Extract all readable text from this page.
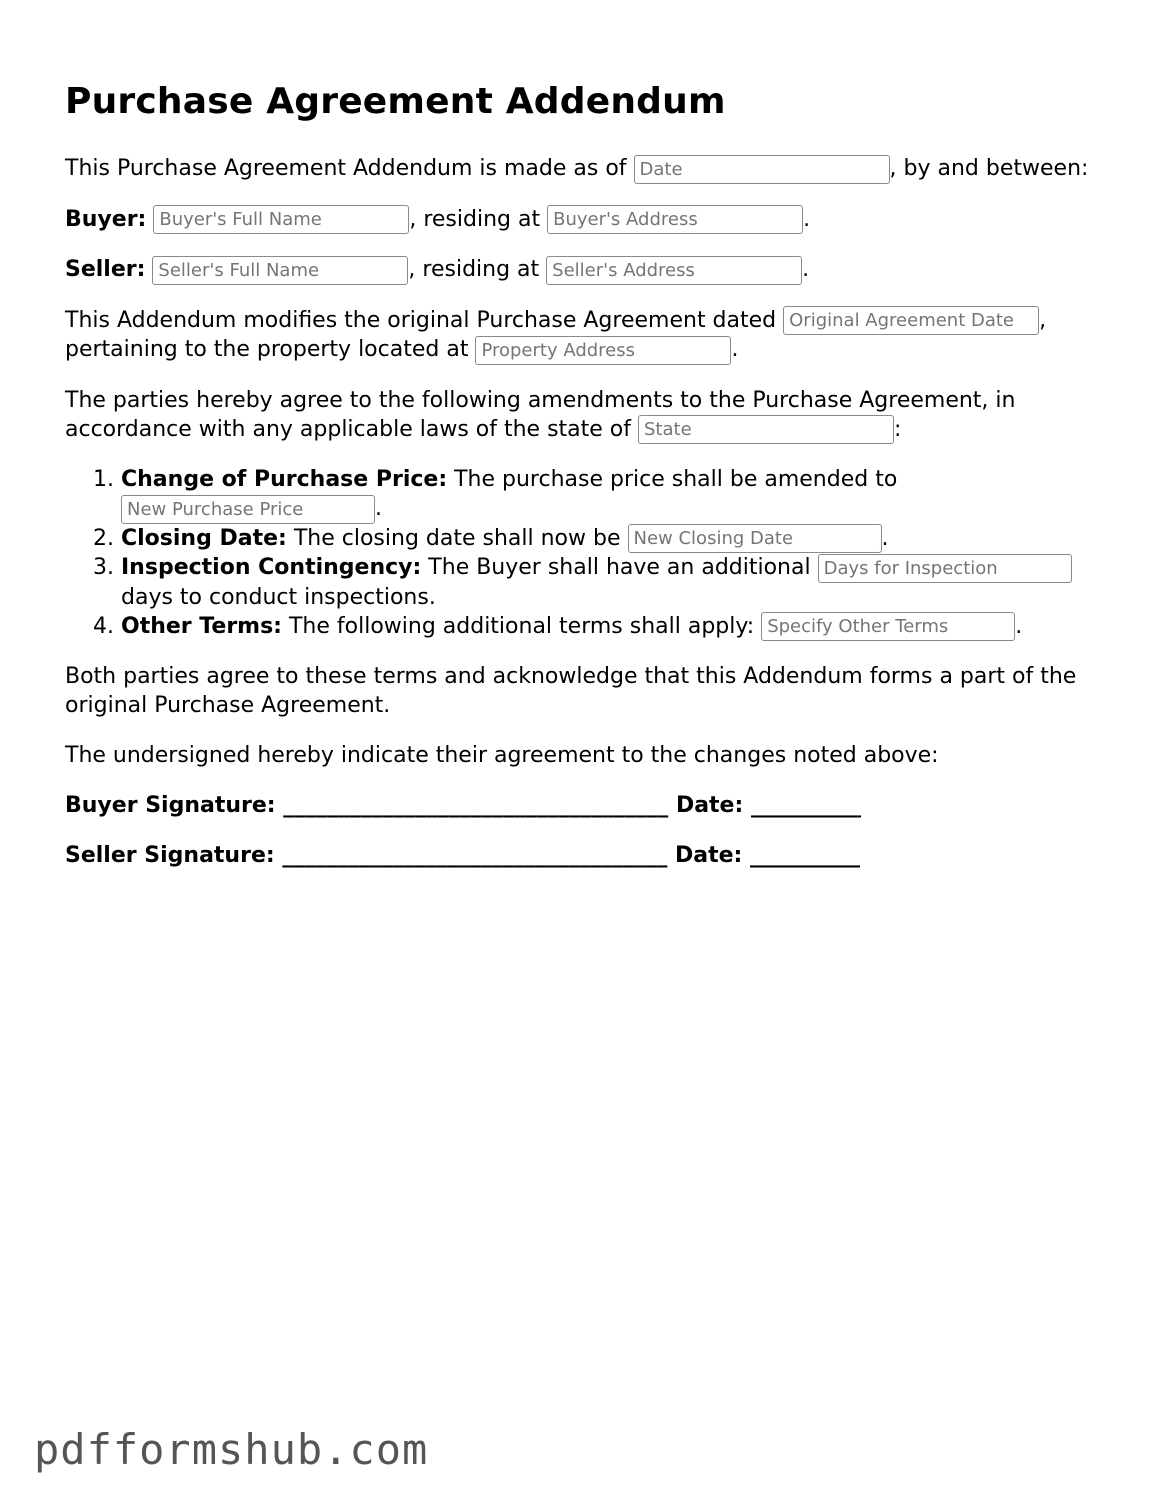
Purchase Agreement Addendum

This Purchase Agreement Addendum is made as of Date	, by and between:

Buyer: Buyer's Full Name	, residing at Buyer's Address	.

Seller: Seller's Full Name	, residing at Seller's Address	.

This Addendum modifies the original Purchase Agreement dated Original Agreement Date	, pertaining to the property located at Property Address	.

The parties hereby agree to the following amendments to the Purchase Agreement, in accordance with any applicable laws of the state of State	:

1. Change of Purchase Price: The purchase price shall be amended to New Purchase Price.
2. Closing Date: The closing date shall now be New Closing Date	.
3. Inspection Contingency: The Buyer shall have an additional Days for Inspection days to conduct inspections.
4. Other Terms: The following additional terms shall apply: Specify Other Terms	.

Both parties agree to these terms and acknowledge that this Addendum forms a part of the original Purchase Agreement.

The undersigned hereby indicate their agreement to the changes noted above:

Buyer Signature: ___________________________________ Date: __________
Seller Signature: ___________________________________ Date: __________
pdfformshub.com
